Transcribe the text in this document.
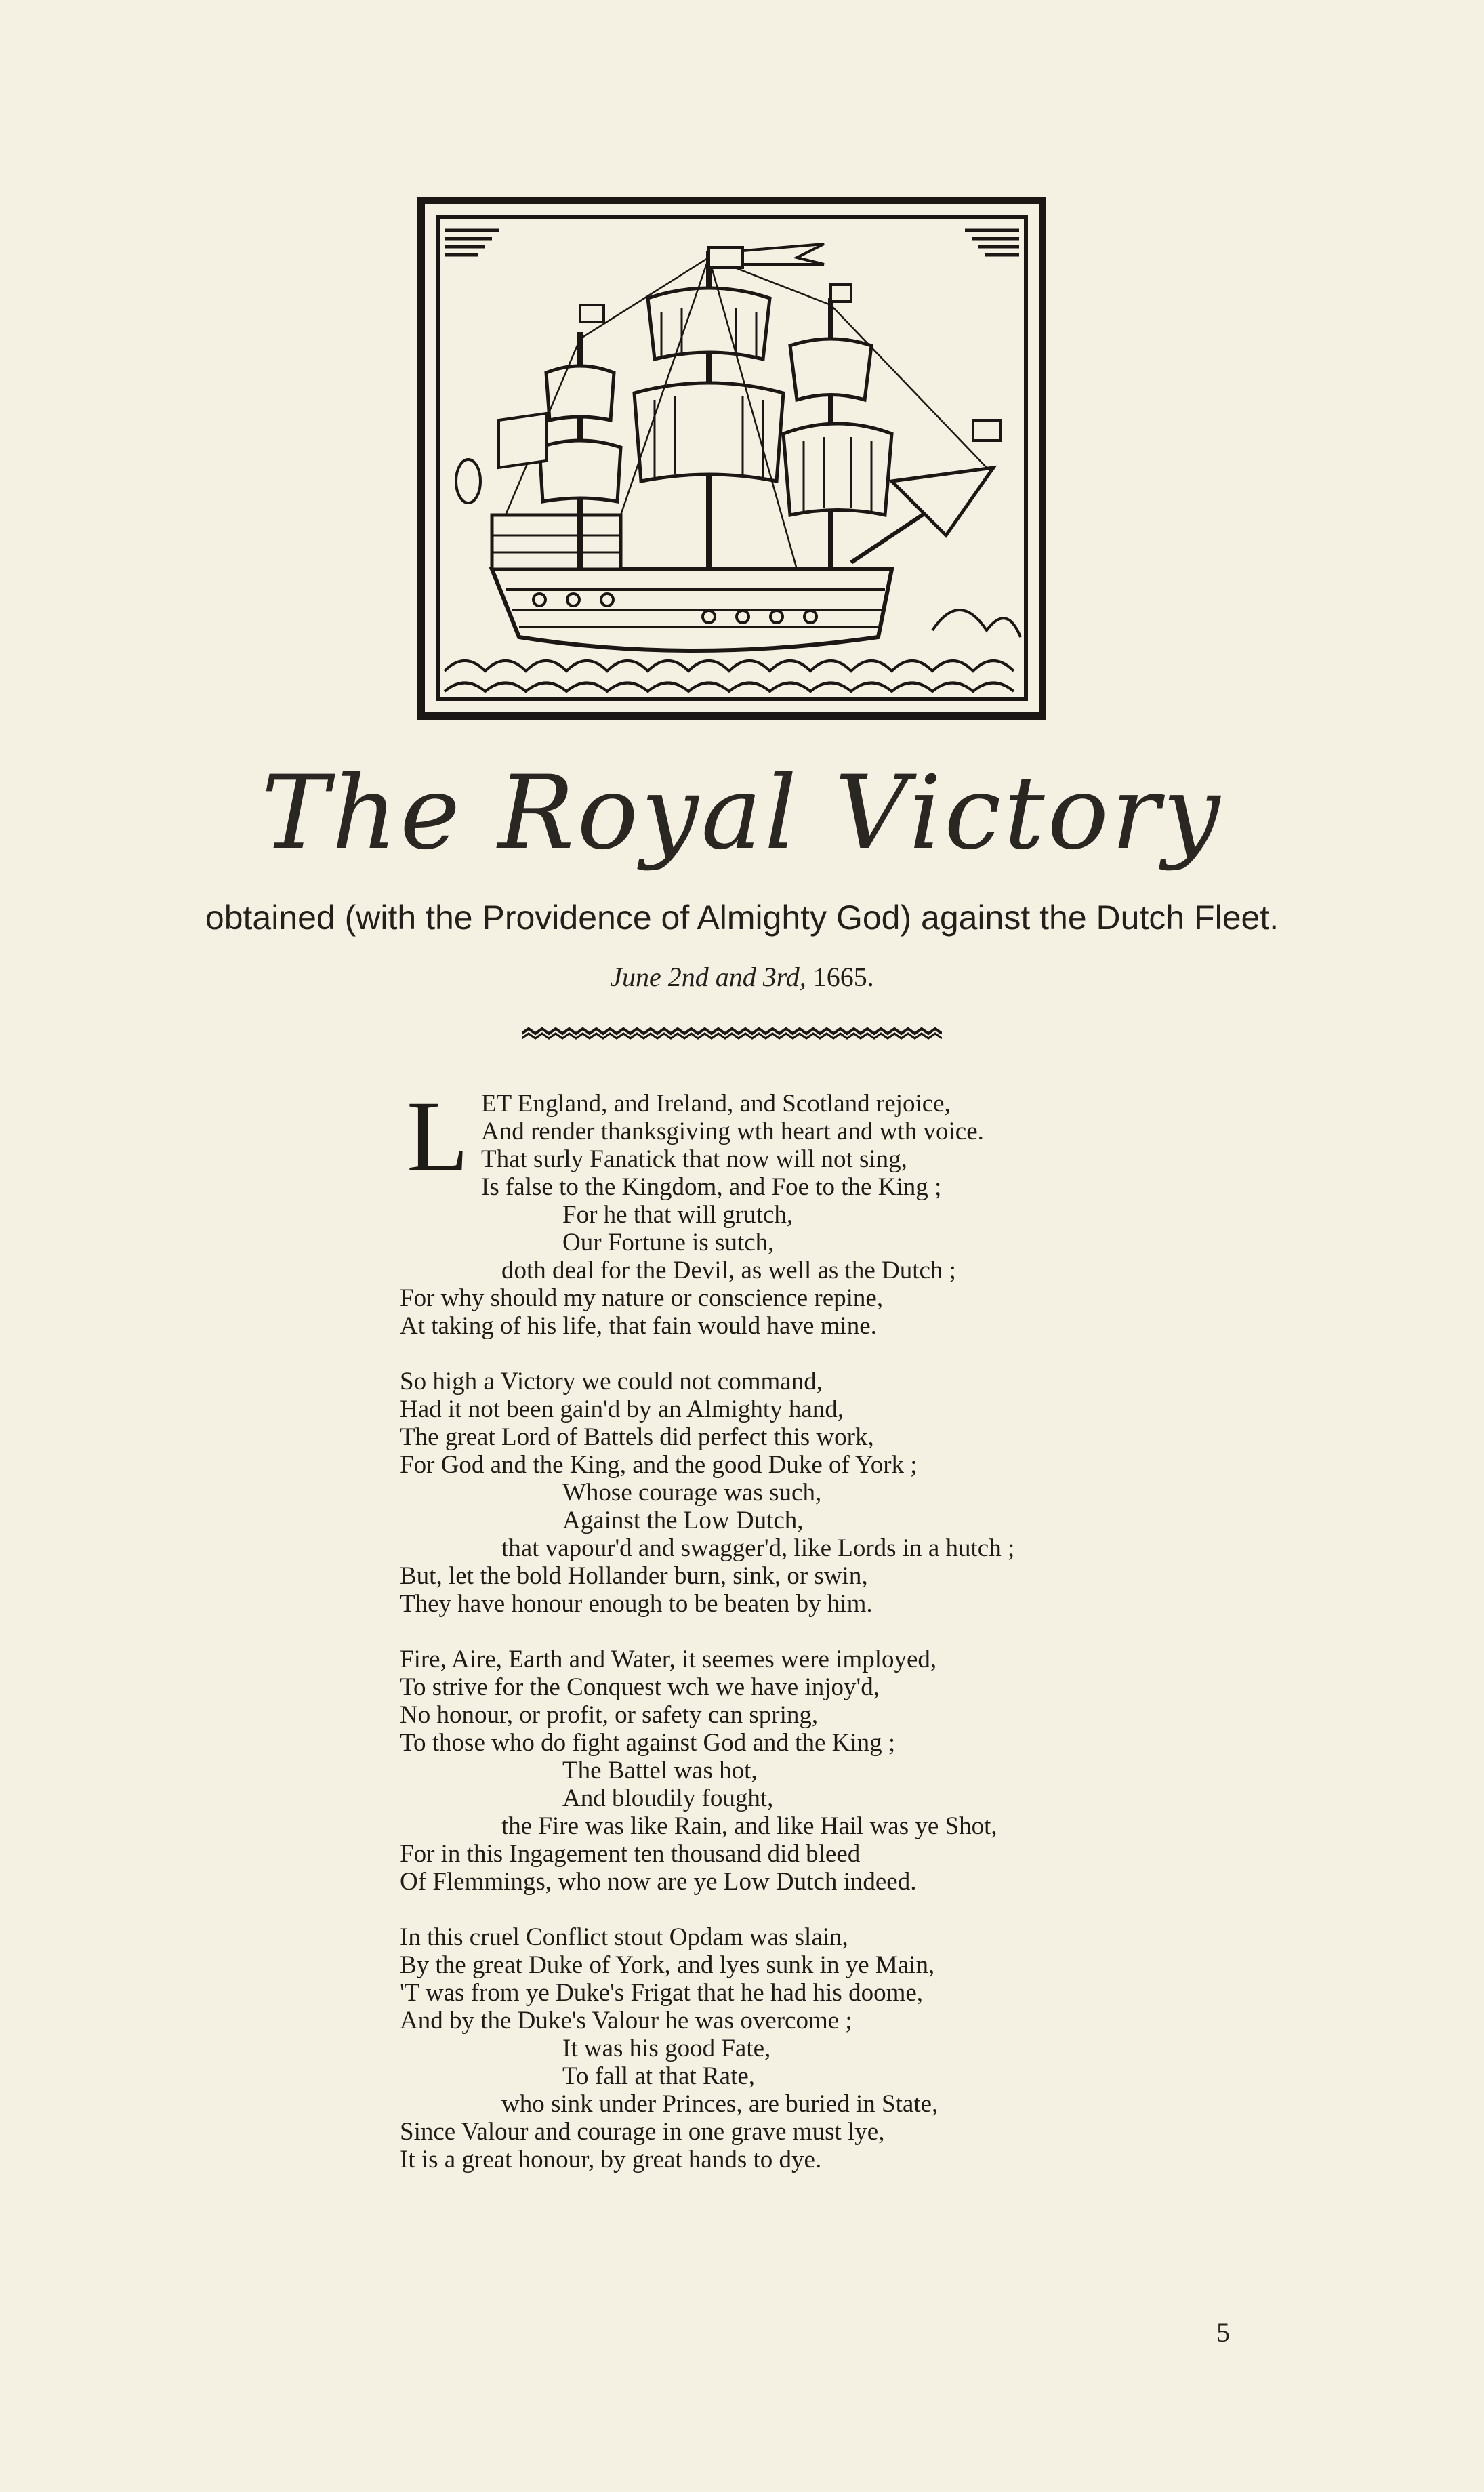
The Royal Victory
obtained (with the Providence of Almighty God) against the Dutch Fleet.
June 2nd and 3rd, 1665.
L ET England, and Ireland, and Scotland rejoice,
And render thanksgiving wth heart and wth voice.
That surly Fanatick that now will not sing,
Is false to the Kingdom, and Foe to the King ;
For he that will grutch,
Our Fortune is sutch,
doth deal for the Devil, as well as the Dutch ;
For why should my nature or conscience repine,
At taking of his life, that fain would have mine.
So high a Victory we could not command,
Had it not been gain'd by an Almighty hand,
The great Lord of Battels did perfect this work,
For God and the King, and the good Duke of York ;
Whose courage was such,
Against the Low Dutch,
that vapour'd and swagger'd, like Lords in a hutch ;
But, let the bold Hollander burn, sink, or swin,
They have honour enough to be beaten by him.
Fire, Aire, Earth and Water, it seemes were imployed,
To strive for the Conquest wch we have injoy'd,
No honour, or profit, or safety can spring,
To those who do fight against God and the King ;
The Battel was hot,
And bloudily fought,
the Fire was like Rain, and like Hail was ye Shot,
For in this Ingagement ten thousand did bleed
Of Flemmings, who now are ye Low Dutch indeed.
In this cruel Conflict stout Opdam was slain,
By the great Duke of York, and lyes sunk in ye Main,
'T was from ye Duke's Frigat that he had his doome,
And by the Duke's Valour he was overcome ;
It was his good Fate,
To fall at that Rate,
who sink under Princes, are buried in State,
Since Valour and courage in one grave must lye,
It is a great honour, by great hands to dye.
5
